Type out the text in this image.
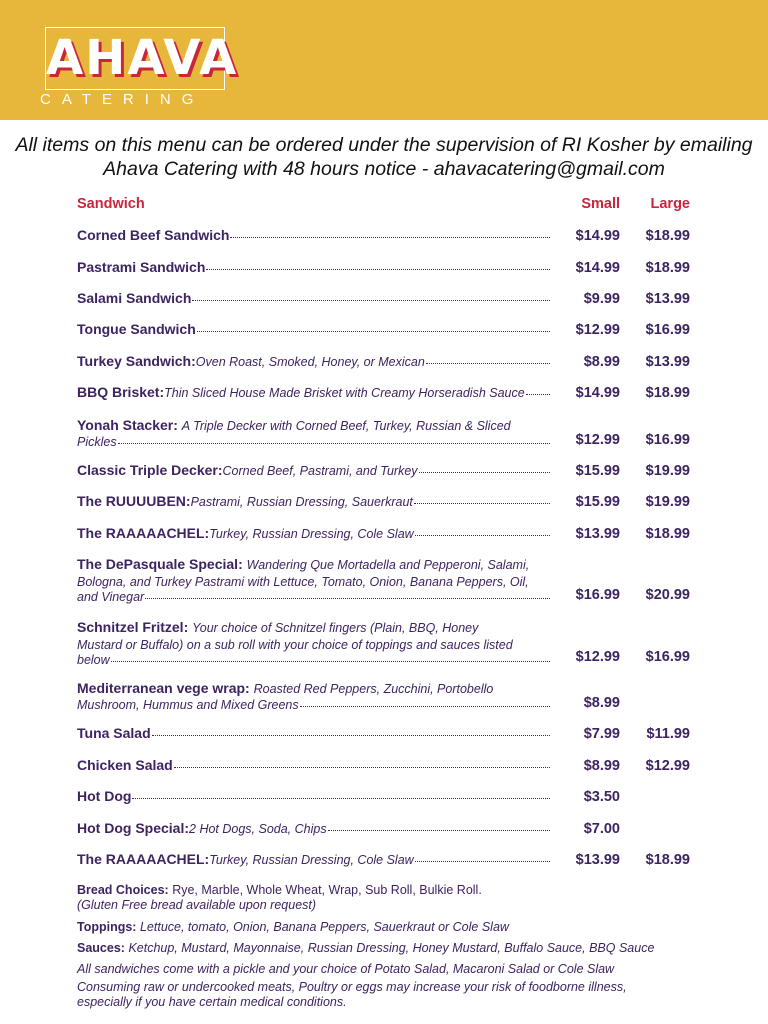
AHAVA
CATERING
All items on this menu can be ordered under the supervision of RI Kosher by emailing Ahava Catering with 48 hours notice - ahavacatering@gmail.com
Sandwich	Small	Large
Corned Beef Sandwich	$14.99	$18.99
Pastrami Sandwich	$14.99	$18.99
Salami Sandwich	$9.99	$13.99
Tongue Sandwich	$12.99	$16.99
Turkey Sandwich: Oven Roast, Smoked, Honey, or Mexican	$8.99	$13.99
BBQ Brisket: Thin Sliced House Made Brisket with Creamy Horseradish Sauce	$14.99	$18.99
Yonah Stacker: A Triple Decker with Corned Beef, Turkey, Russian & Sliced
Pickles	$12.99	$16.99
Classic Triple Decker: Corned Beef, Pastrami, and Turkey	$15.99	$19.99
The RUUUUBEN: Pastrami, Russian Dressing, Sauerkraut	$15.99	$19.99
The RAAAAACHEL: Turkey, Russian Dressing, Cole Slaw	$13.99	$18.99
The DePasquale Special: Wandering Que Mortadella and Pepperoni, Salami,
Bologna, and Turkey Pastrami with Lettuce, Tomato, Onion, Banana Peppers, Oil,
and Vinegar	$16.99	$20.99
Schnitzel Fritzel: Your choice of Schnitzel fingers (Plain, BBQ, Honey
Mustard or Buffalo) on a sub roll with your choice of toppings and sauces listed
below	$12.99	$16.99
Mediterranean vege wrap: Roasted Red Peppers, Zucchini, Portobello
Mushroom, Hummus and Mixed Greens	$8.99
Tuna Salad	$7.99	$11.99
Chicken Salad	$8.99	$12.99
Hot Dog	$3.50
Hot Dog Special: 2 Hot Dogs, Soda, Chips	$7.00
The RAAAAACHEL: Turkey, Russian Dressing, Cole Slaw	$13.99	$18.99
Bread Choices: Rye, Marble, Whole Wheat, Wrap, Sub Roll, Bulkie Roll.
(Gluten Free bread available upon request)
Toppings: Lettuce, tomato, Onion, Banana Peppers, Sauerkraut or Cole Slaw
Sauces: Ketchup, Mustard, Mayonnaise, Russian Dressing, Honey Mustard, Buffalo Sauce, BBQ Sauce
All sandwiches come with a pickle and your choice of Potato Salad, Macaroni Salad or Cole Slaw
Consuming raw or undercooked meats, Poultry or eggs may increase your risk of foodborne illness,
especially if you have certain medical conditions.
